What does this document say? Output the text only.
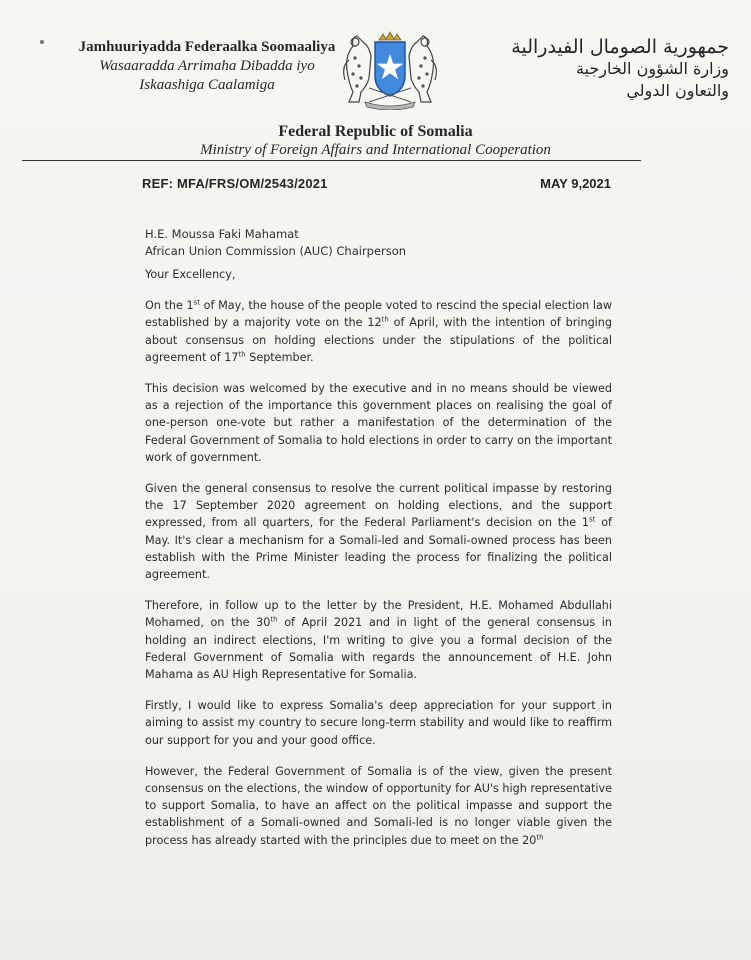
Jamhuuriyadda Federaalka Soomaaliya
Wasaaradda Arrimaha Dibadda iyo
Iskaashiga Caalamiga
جمهورية الصومال الفيدرالية
وزارة الشؤون الخارجية
والتعاون الدولي
Federal Republic of Somalia
Ministry of Foreign Affairs and International Cooperation
REF: MFA/FRS/OM/2543/2021	MAY 9,2021
H.E. Moussa Faki Mahamat
African Union Commission (AUC) Chairperson

Your Excellency,

On the 1st of May, the house of the people voted to rescind the special election law established by a majority vote on the 12th of April, with the intention of bringing about consensus on holding elections under the stipulations of the political agreement of 17th September.

This decision was welcomed by the executive and in no means should be viewed as a rejection of the importance this government places on realising the goal of one-person one-vote but rather a manifestation of the determination of the Federal Government of Somalia to hold elections in order to carry on the important work of government.

Given the general consensus to resolve the current political impasse by restoring the 17 September 2020 agreement on holding elections, and the support expressed, from all quarters, for the Federal Parliament's decision on the 1st of May. It's clear a mechanism for a Somali-led and Somali-owned process has been establish with the Prime Minister leading the process for finalizing the political agreement.

Therefore, in follow up to the letter by the President, H.E. Mohamed Abdullahi Mohamed, on the 30th of April 2021 and in light of the general consensus in holding an indirect elections, I'm writing to give you a formal decision of the Federal Government of Somalia with regards the announcement of H.E. John Mahama as AU High Representative for Somalia.

Firstly, I would like to express Somalia's deep appreciation for your support in aiming to assist my country to secure long-term stability and would like to reaffirm our support for you and your good office.

However, the Federal Government of Somalia is of the view, given the present consensus on the elections, the window of opportunity for AU's high representative to support Somalia, to have an affect on the political impasse and support the establishment of a Somali-owned and Somali-led is no longer viable given the process has already started with the principles due to meet on the 20th
